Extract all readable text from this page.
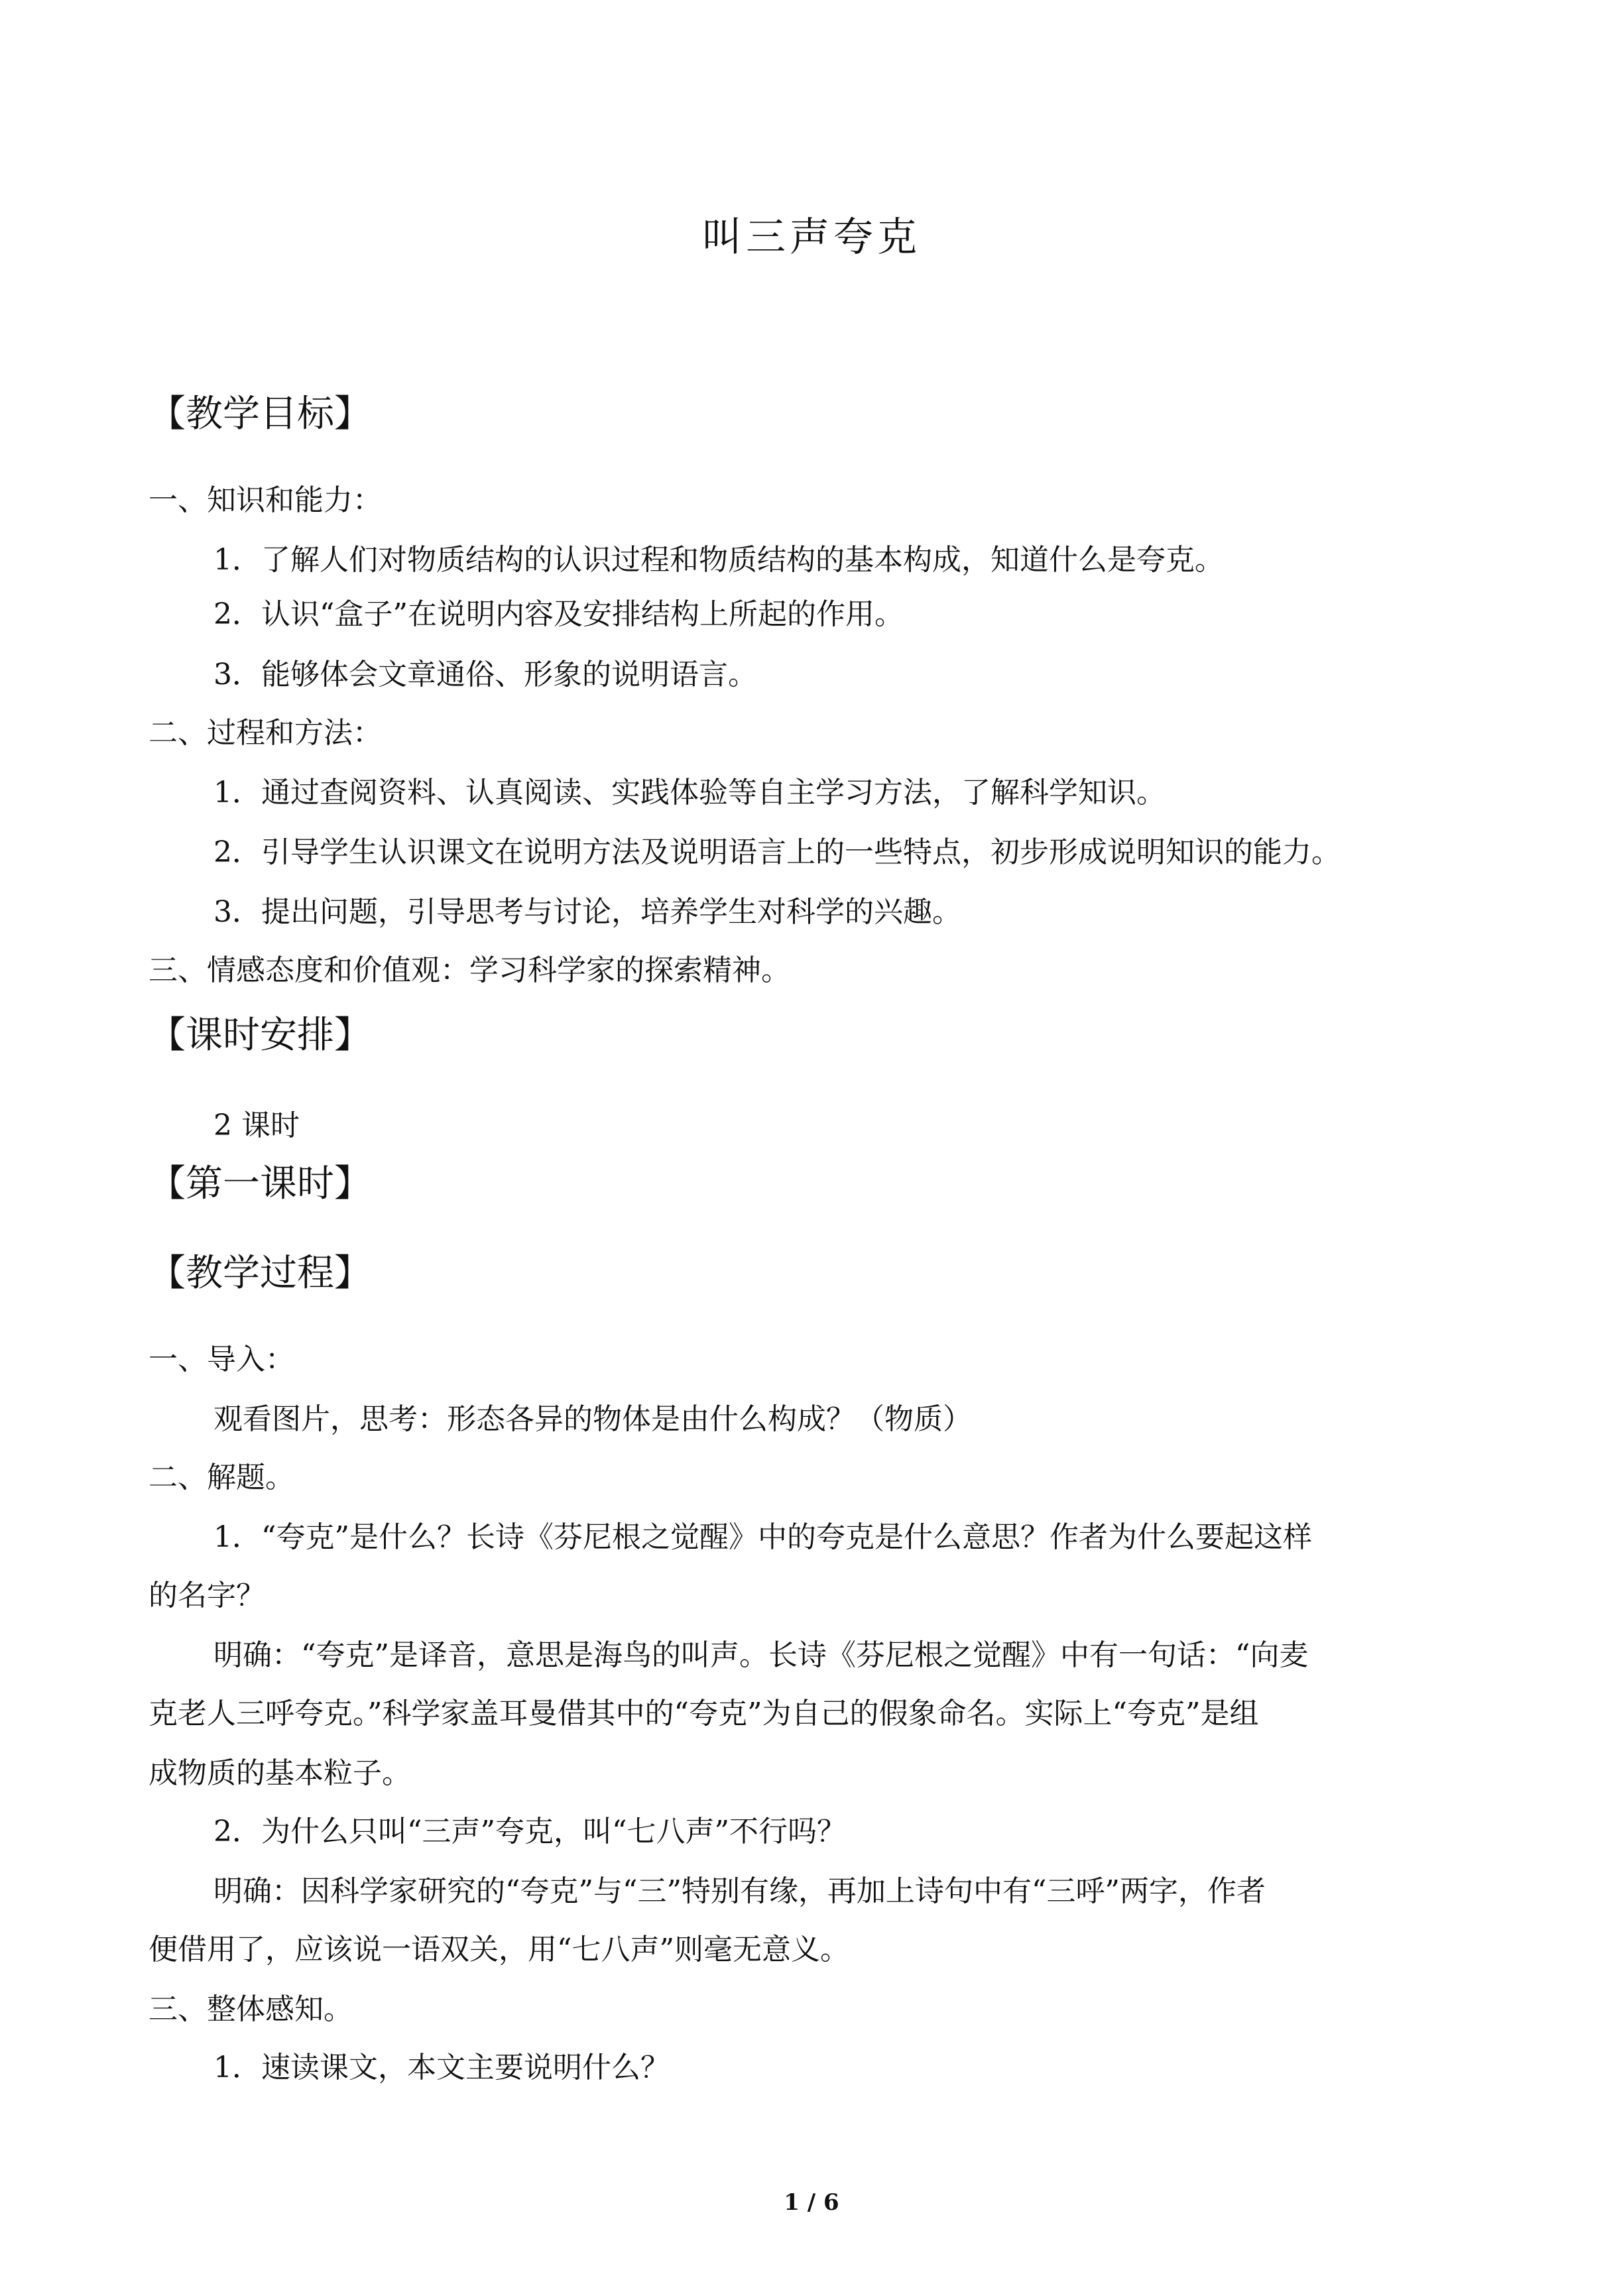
叫三声夸克
【教学目标】
一、知识和能力：
1．了解人们对物质结构的认识过程和物质结构的基本构成，知道什么是夸克。
2．认识“盒子”在说明内容及安排结构上所起的作用。
3．能够体会文章通俗、形象的说明语言。
二、过程和方法：
1．通过查阅资料、认真阅读、实践体验等自主学习方法，了解科学知识。
2．引导学生认识课文在说明方法及说明语言上的一些特点，初步形成说明知识的能力。
3．提出问题，引导思考与讨论，培养学生对科学的兴趣。
三、情感态度和价值观：学习科学家的探索精神。
【课时安排】
2 课时
【第一课时】
【教学过程】
一、导入：
观看图片，思考：形态各异的物体是由什么构成？（物质）
二、解题。
1．“夸克”是什么？长诗《芬尼根之觉醒》中的夸克是什么意思？作者为什么要起这样
的名字？
明确：“夸克”是译音，意思是海鸟的叫声。长诗《芬尼根之觉醒》中有一句话：“向麦
克老人三呼夸克。”科学家盖耳曼借其中的“夸克”为自己的假象命名。实际上“夸克”是组
成物质的基本粒子。
2．为什么只叫“三声”夸克，叫“七八声”不行吗？
明确：因科学家研究的“夸克”与“三”特别有缘，再加上诗句中有“三呼”两字，作者
便借用了，应该说一语双关，用“七八声”则毫无意义。
三、整体感知。
1．速读课文，本文主要说明什么？
1 / 6
